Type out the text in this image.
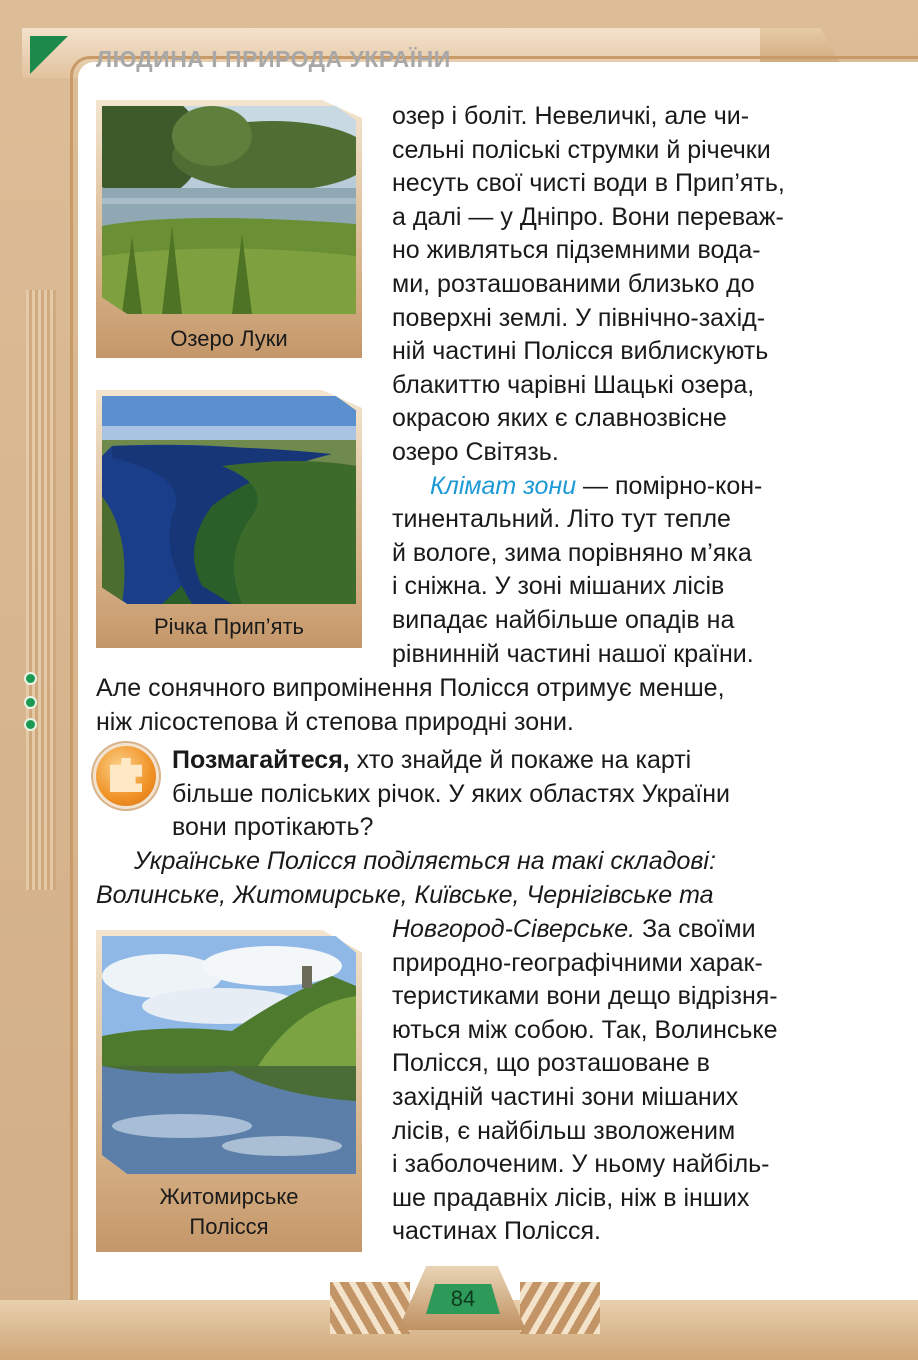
ЛЮДИНА І ПРИРОДА УКРАЇНИ
Озеро Луки
Річка Прип’ять

озер і боліт. Невеличкі, але чи-

сельні поліські струмки й річечки

несуть свої чисті води в Прип’ять,

а далі — у Дніпро. Вони переваж-

но живляться підземними вода-

ми, розташованими близько до

поверхні землі. У північно-захід-

ній частині Полісся виблискують

блакиттю чарівні Шацькі озера,

окрасою яких є славнозвісне

озеро Світязь.

Клімат зони — помірно-кон-

тинентальний. Літо тут тепле

й вологе, зима порівняно м’яка

і сніжна. У зоні мішаних лісів

випадає найбільше опадів на

рівнинній частині нашої країни.

Але сонячного випромінення Полісся отримує менше,

ніж лісостепова й степова природні зони.

Позмагайтеся, хто знайде й покаже на карті

більше поліських річок. У яких областях України

вони протікають?

Українське Полісся поділяється на такі складові:

Волинське, Житомирське, Київське, Чернігівське та

Житомирське
Полісся

Новгород-Сіверське. За своїми

природно-географічними харак-

теристиками вони дещо відрізня-

ються між собою. Так, Волинське

Полісся, що розташоване в

західній частині зони мішаних

лісів, є найбільш зволоженим

і заболоченим. У ньому найбіль-

ше прадавніх лісів, ніж в інших

частинах Полісся.

84
